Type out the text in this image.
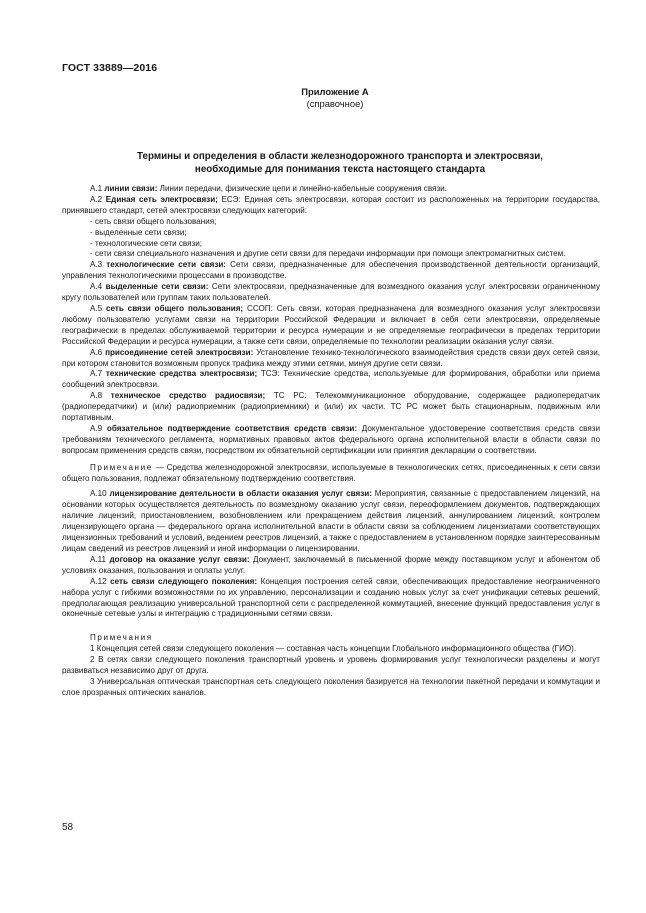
ГОСТ 33889—2016
Приложение А
(справочное)
Термины и определения в области железнодорожного транспорта и электросвязи,
необходимые для понимания текста настоящего стандарта

А.1 линии связи: Линии передачи, физические цепи и линейно-кабельные сооружения связи.

А.2 Единая сеть электросвязи; ЕСЭ: Единая сеть электросвязи, которая состоит из расположенных на территории государства, принявшего стандарт, сетей электросвязи следующих категорий:

- сеть связи общего пользования;

- выделенные сети связи;

- технологические сети связи;

- сети связи специального назначения и другие сети связи для передачи информации при помощи электромагнитных систем.

А.3 технологические сети связи: Сети связи, предназначенные для обеспечения производственной деятельности организаций, управления технологическими процессами в производстве.

А.4 выделенные сети связи: Сети электросвязи, предназначенные для возмездного оказания услуг электросвязи ограниченному кругу пользователей или группам таких пользователей.

А.5 сеть связи общего пользования; ССОП: Сеть связи, которая предназначена для возмездного оказания услуг электросвязи любому пользователю услугами связи на территории Российской Федерации и включает в себя сети электросвязи, определяемые географически в пределах обслуживаемой территории и ресурса нумерации и не определяемые географически в пределах территории Российской Федерации и ресурса нумерации, а также сети связи, определяемые по технологии реализации оказания услуг связи.

А.6 присоединение сетей электросвязи: Установление технико-технологического взаимодействия средств связи двух сетей связи, при котором становится возможным пропуск трафика между этими сетями, минуя другие сети связи.

А.7 технические средства электросвязи; ТСЭ: Технические средства, используемые для формирования, обработки или приема сообщений электросвязи.

А.8 техническое средство радиосвязи; ТС РС: Телекоммуникационное оборудование, содержащее радиопередатчик (радиопередатчики) и (или) радиоприемник (радиоприемники) и (или) их части. ТС РС может быть стационарным, подвижным или портативным.

А.9 обязательное подтверждение соответствия средств связи: Документальное удостоверение соответствия средств связи требованиям технического регламента, нормативных правовых актов федерального органа исполнительной власти в области связи по вопросам применения средств связи, посредством их обязательной сертификации или принятия декларации о соответствии.

Примечание — Средства железнодорожной электросвязи, используемые в технологических сетях, присоединенных к сети связи общего пользования, подлежат обязательному подтверждению соответствия.

А.10 лицензирование деятельности в области оказания услуг связи: Мероприятия, связанные с предоставлением лицензий, на основании которых осуществляется деятельность по возмездному оказанию услуг связи, переоформлением документов, подтверждающих наличие лицензий, приостановлением, возобновлением или прекращением действия лицензий, аннулированием лицензий, контролем лицензирующего органа — федерального органа исполнительной власти в области связи за соблюдением лицензиатами соответствующих лицензионных требований и условий, ведением реестров лицензий, а также с предоставлением в установленном порядке заинтересованным лицам сведений из реестров лицензий и иной информации о лицензировании.

А.11 договор на оказание услуг связи: Документ, заключаемый в письменной форме между поставщиком услуг и абонентом об условиях оказания, пользования и оплаты услуг.

А.12 сеть связи следующего поколения: Концепция построения сетей связи, обеспечивающих предоставление неограниченного набора услуг с гибкими возможностями по их управлению, персонализации и созданию новых услуг за счет унификации сетевых решений, предполагающая реализацию универсальной транспортной сети с распределенной коммутацией, внесение функций предоставления услуг в оконечные сетевые узлы и интеграцию с традиционными сетями связи.

Примечания

1 Концепция сетей связи следующего поколения — составная часть концепции Глобального информационного общества (ГИО).

2 В сетях связи следующего поколения транспортный уровень и уровень формирования услуг технологически разделены и могут развиваться независимо друг от друга.

3 Универсальная оптическая транспортная сеть следующего поколения базируется на технологии пакетной передачи и коммутации и слое прозрачных оптических каналов.

58
